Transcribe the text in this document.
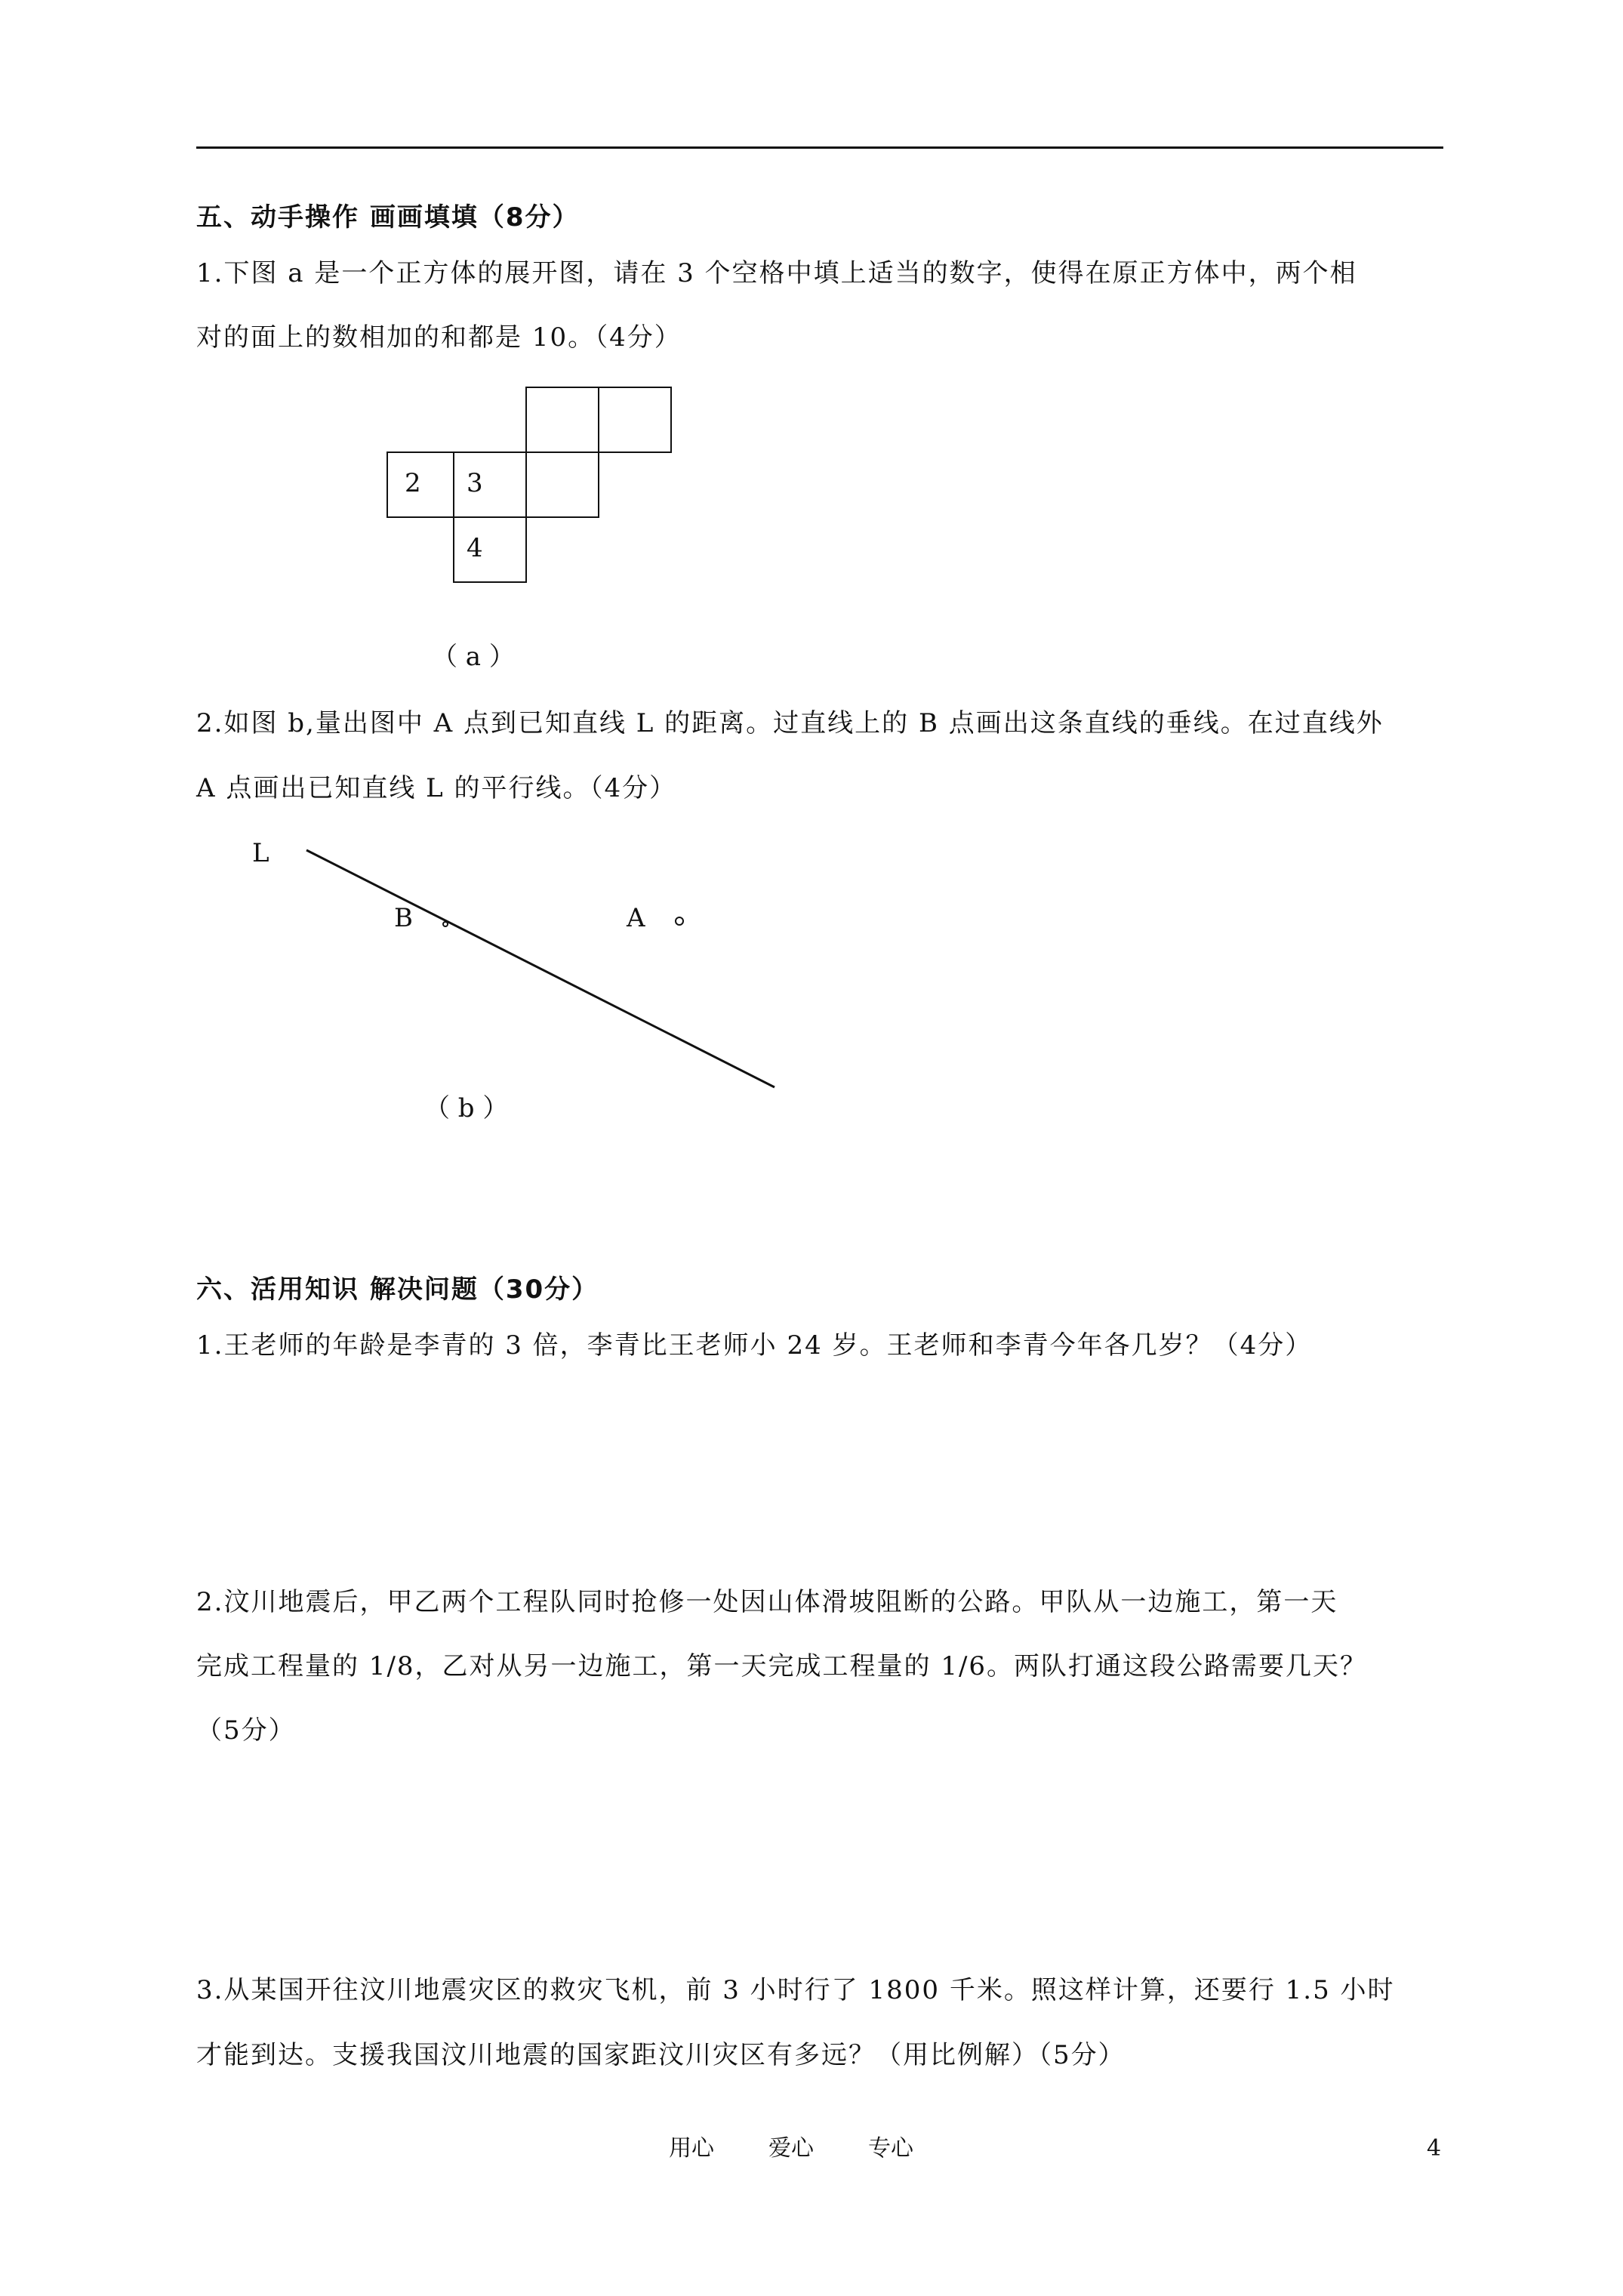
五、动手操作 画画填填（8分）
1.下图 a 是一个正方体的展开图，请在 3 个空格中填上适当的数字，使得在原正方体中，两个相
对的面上的数相加的和都是 10。（4分）
2 3
4
（ a ）
2.如图 b,量出图中 A 点到已知直线 L 的距离。过直线上的 B 点画出这条直线的垂线。在过直线外
A 点画出已知直线 L 的平行线。（4分）
L
B	A
（ b ）
六、活用知识 解决问题（30分）
1.王老师的年龄是李青的 3 倍，李青比王老师小 24 岁。王老师和李青今年各几岁？（4分）
2.汶川地震后，甲乙两个工程队同时抢修一处因山体滑坡阻断的公路。甲队从一边施工，第一天
完成工程量的 1/8，乙对从另一边施工，第一天完成工程量的 1/6。两队打通这段公路需要几天？
（5分）
3.从某国开往汶川地震灾区的救灾飞机，前 3 小时行了 1800 千米。照这样计算，还要行 1.5 小时
才能到达。支援我国汶川地震的国家距汶川灾区有多远？（用比例解）（5分）
用心 爱心 专心	4
